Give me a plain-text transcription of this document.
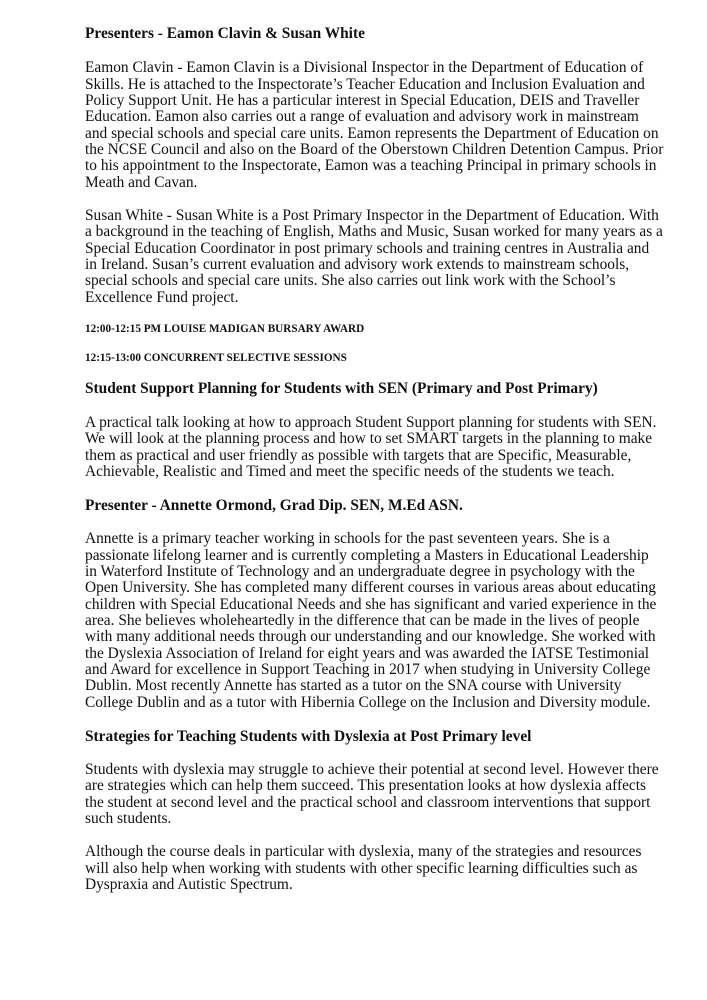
Presenters - Eamon Clavin & Susan White
Eamon Clavin - Eamon Clavin is a Divisional Inspector in the Department of Education of
Skills. He is attached to the Inspectorate’s Teacher Education and Inclusion Evaluation and
Policy Support Unit. He has a particular interest in Special Education, DEIS and Traveller
Education. Eamon also carries out a range of evaluation and advisory work in mainstream
and special schools and special care units. Eamon represents the Department of Education on
the NCSE Council and also on the Board of the Oberstown Children Detention Campus. Prior
to his appointment to the Inspectorate, Eamon was a teaching Principal in primary schools in
Meath and Cavan.
Susan White - Susan White is a Post Primary Inspector in the Department of Education. With
a background in the teaching of English, Maths and Music, Susan worked for many years as a
Special Education Coordinator in post primary schools and training centres in Australia and
in Ireland. Susan’s current evaluation and advisory work extends to mainstream schools,
special schools and special care units. She also carries out link work with the School’s
Excellence Fund project.
12:00-12:15 PM LOUISE MADIGAN BURSARY AWARD
12:15-13:00 CONCURRENT SELECTIVE SESSIONS
Student Support Planning for Students with SEN (Primary and Post Primary)
A practical talk looking at how to approach Student Support planning for students with SEN.
We will look at the planning process and how to set SMART targets in the planning to make
them as practical and user friendly as possible with targets that are Specific, Measurable,
Achievable, Realistic and Timed and meet the specific needs of the students we teach.
Presenter - Annette Ormond, Grad Dip. SEN, M.Ed ASN.
Annette is a primary teacher working in schools for the past seventeen years. She is a
passionate lifelong learner and is currently completing a Masters in Educational Leadership
in Waterford Institute of Technology and an undergraduate degree in psychology with the
Open University. She has completed many different courses in various areas about educating
children with Special Educational Needs and she has significant and varied experience in the
area. She believes wholeheartedly in the difference that can be made in the lives of people
with many additional needs through our understanding and our knowledge. She worked with
the Dyslexia Association of Ireland for eight years and was awarded the IATSE Testimonial
and Award for excellence in Support Teaching in 2017 when studying in University College
Dublin. Most recently Annette has started as a tutor on the SNA course with University
College Dublin and as a tutor with Hibernia College on the Inclusion and Diversity module.
Strategies for Teaching Students with Dyslexia at Post Primary level
Students with dyslexia may struggle to achieve their potential at second level. However there
are strategies which can help them succeed. This presentation looks at how dyslexia affects
the student at second level and the practical school and classroom interventions that support
such students.
Although the course deals in particular with dyslexia, many of the strategies and resources
will also help when working with students with other specific learning difficulties such as
Dyspraxia and Autistic Spectrum.
